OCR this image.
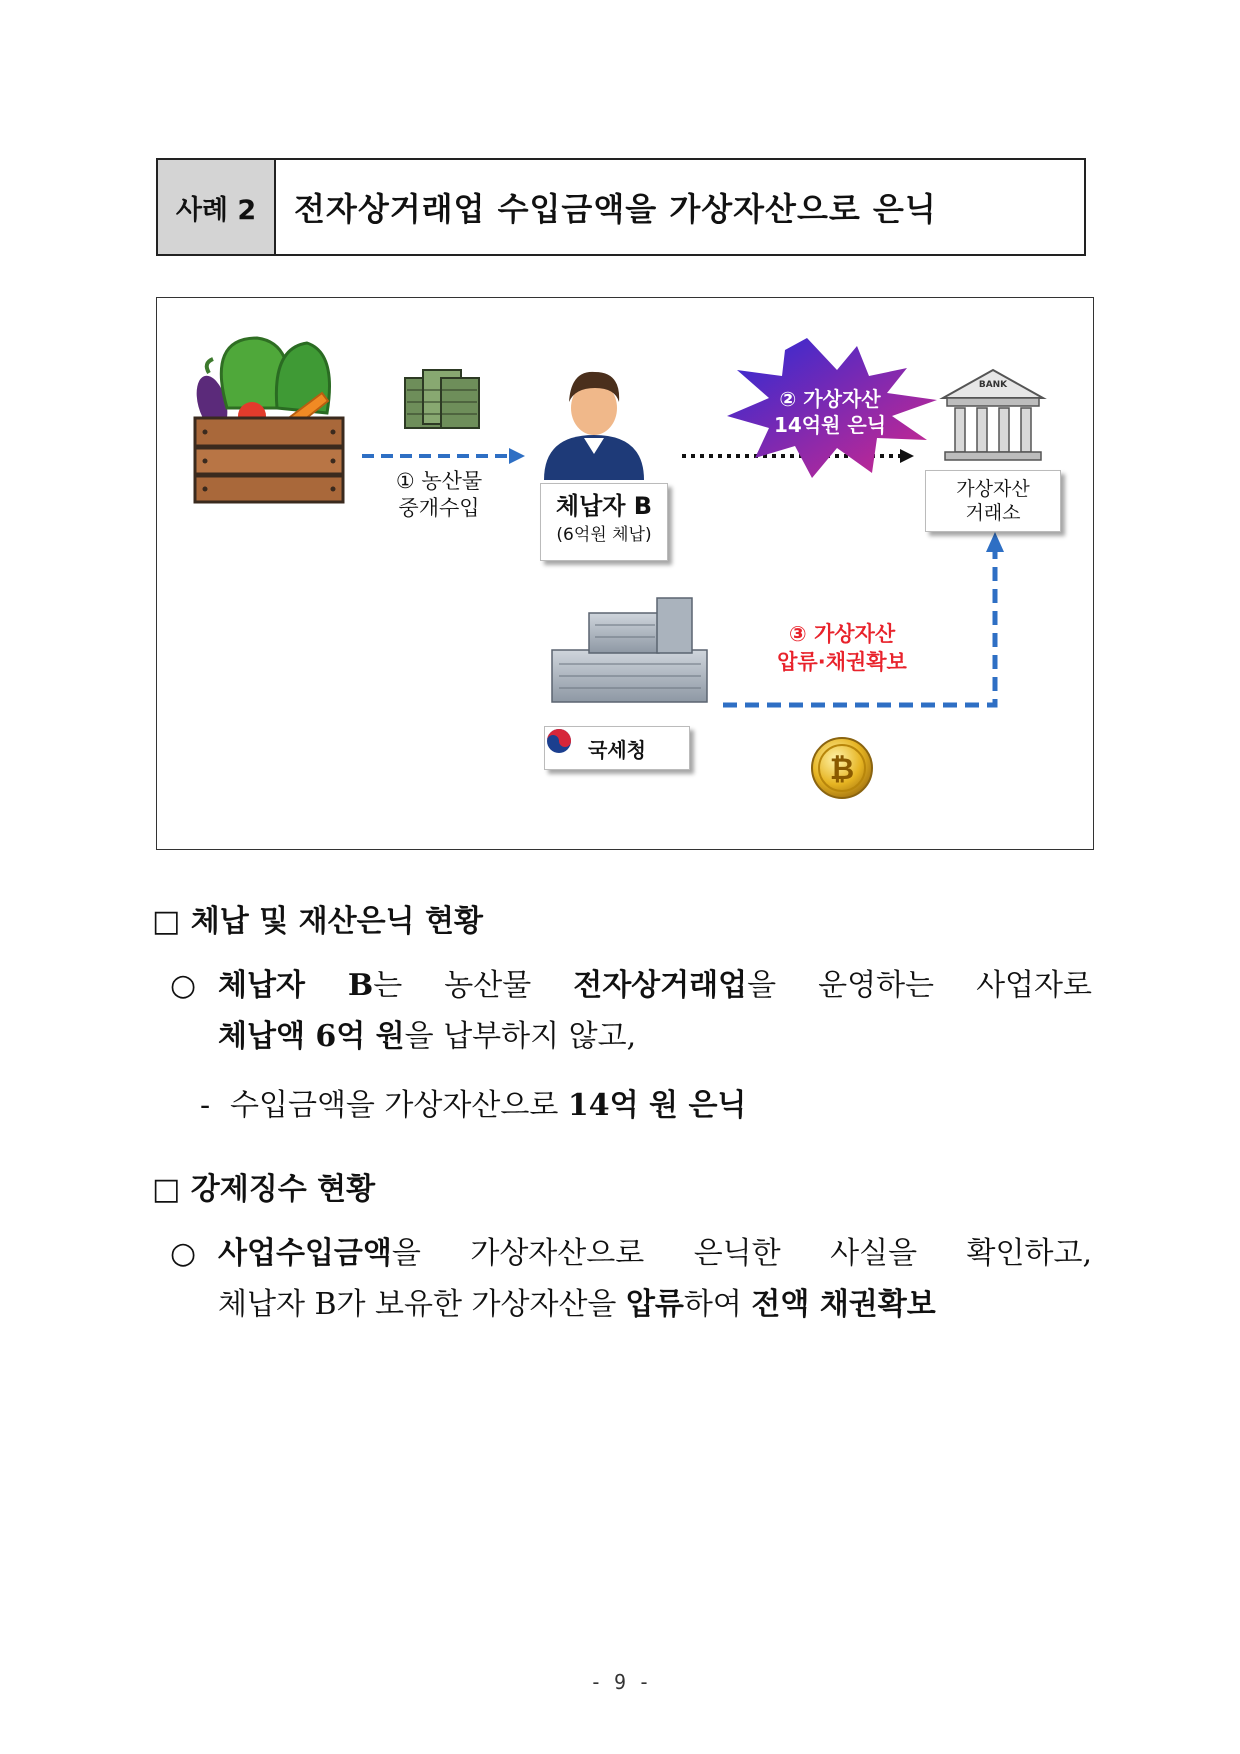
사례 2	전자상거래업 수입금액을 가상자산으로 은닉
₿
① 농산물
중개수입	체납자 B
(6억원 체납)
② 가상자산
14억원 은닉
BANK
가상자산
거래소
③ 가상자산
압류·채권확보
국세청
□ 체납 및 재산은닉 현황
○ 체납자 B는 농산물 전자상거래업을 운영하는 사업자로
체납액 6억 원을 납부하지 않고,
- 수입금액을 가상자산으로 14억 원 은닉
□ 강제징수 현황
○ 사업수입금액을 가상자산으로 은닉한 사실을 확인하고,
체납자 B가 보유한 가상자산을 압류하여 전액 채권확보
- 9 -
